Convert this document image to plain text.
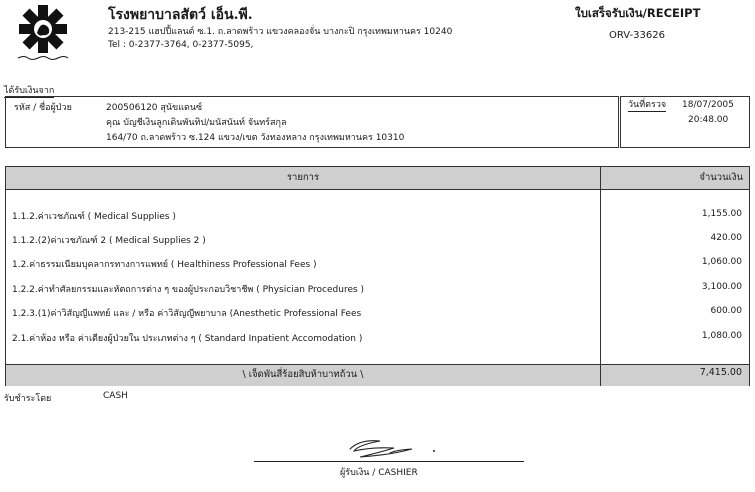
โรงพยาบาลสัตว์ เอ็น.พี.
213-215 แฮปปี้แลนด์ ซ.1. ถ.ลาดพร้าว แขวงคลองจั่น บางกะปิ กรุงเทพมหานคร 10240
Tel : 0-2377-3764, 0-2377-5095,
ใบเสร็จรับเงิน/RECEIPT
ORV-33626
ได้รับเงินจาก
รหัส / ชื่อผู้ป่วย	200506120 สุนัขแดนซ์
คุณ บัญชีเงินลูกเดินพันทิป/มนัสนันท์ จันทร์สกุล
164/70 ถ.ลาดพร้าว ซ.124 แขวง/เขต วังทองหลาง กรุงเทพมหานคร 10310
วันที่ตรวจ 18/07/2005
20:48.00
รายการ	จำนวนเงิน
1.1.2.ค่าเวชภัณฑ์ ( Medical Supplies )	1,155.00
1.1.2.(2)ค่าเวชภัณฑ์ 2 ( Medical Supplies 2 )	420.00
1.2.ค่าธรรมเนียมบุคลากรทางการแพทย์ ( Healthiness Professional Fees )	1,060.00
1.2.2.ค่าทำศัลยกรรมและหัตถการต่าง ๆ ของผู้ประกอบวิชาชีพ ( Physician Procedures )	3,100.00
1.2.3.(1)ค่าวิสัญญีแพทย์ และ / หรือ ค่าวิสัญญีพยาบาล (Anesthetic Professional Fees	600.00
2.1.ค่าห้อง หรือ ค่าเตียงผู้ป่วยใน ประเภทต่าง ๆ ( Standard Inpatient Accomodation )	1,080.00
\ เจ็ดพันสี่ร้อยสิบห้าบาทถ้วน \	7,415.00
รับชำระโดย	CASH
ผู้รับเงิน / CASHIER
